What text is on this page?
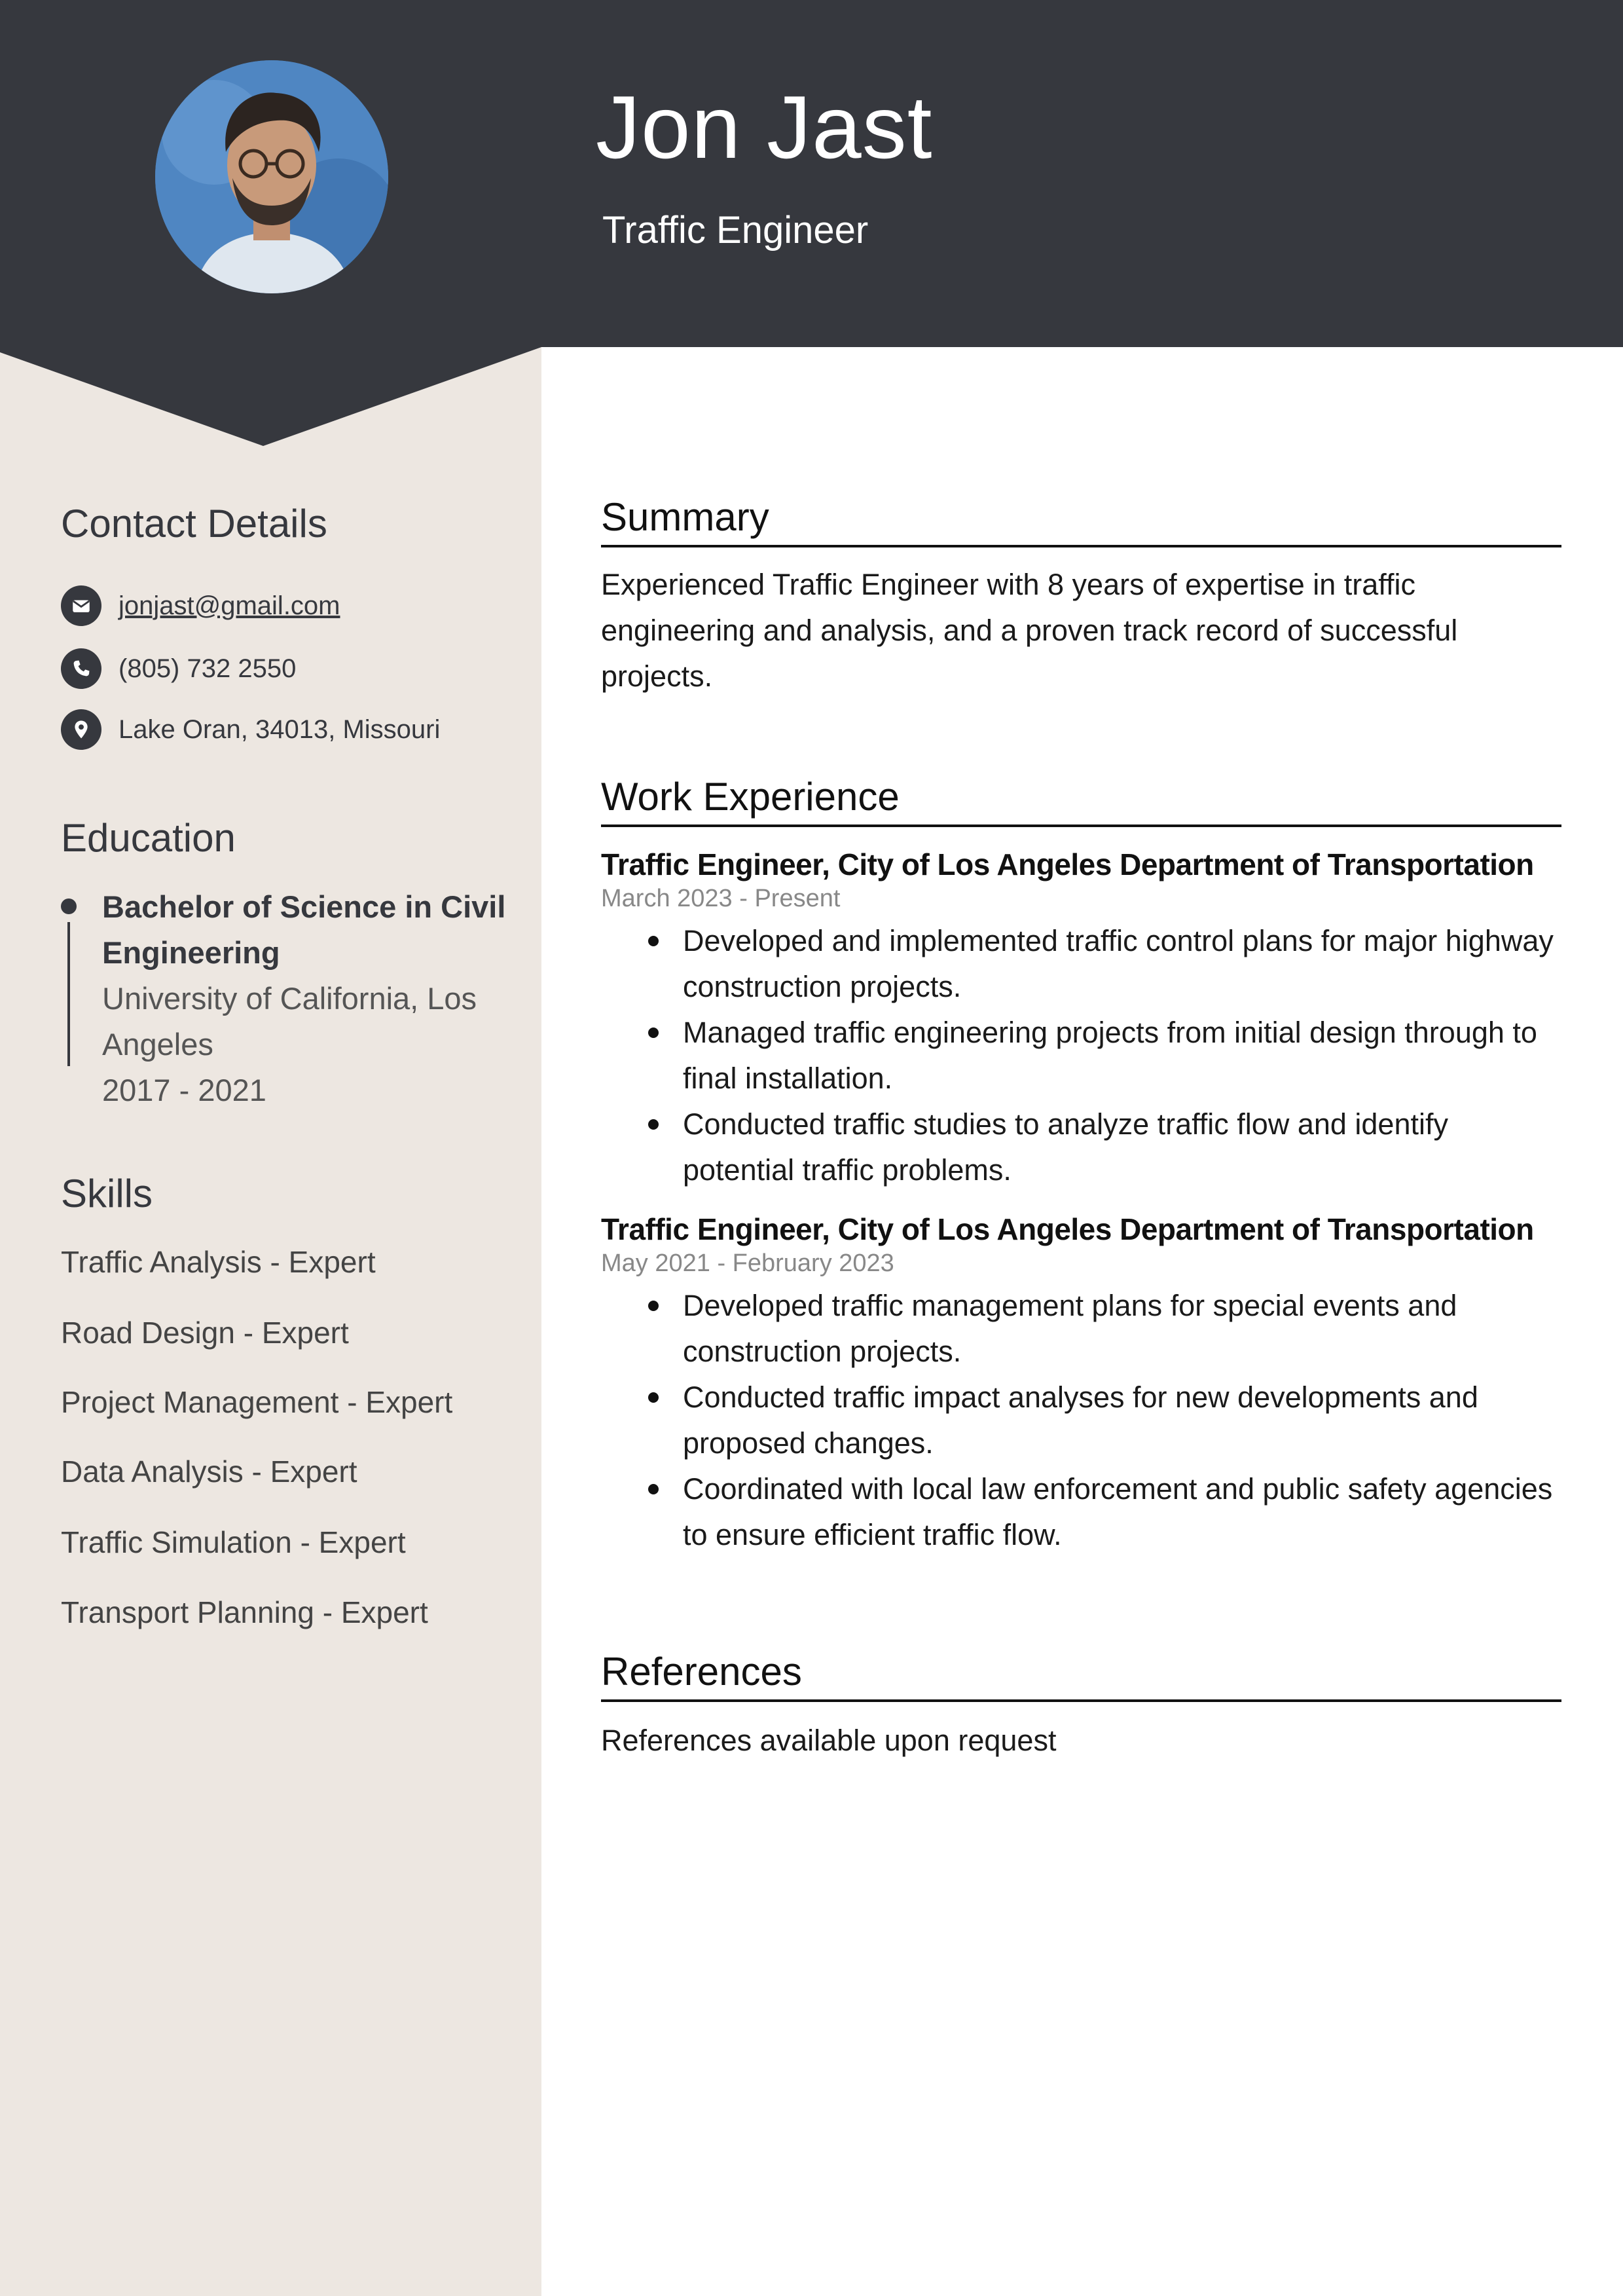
Jon Jast
Traffic Engineer
Contact Details
jonjast@gmail.com
(805) 732 2550
Lake Oran, 34013, Missouri
Education
Bachelor of Science in Civil Engineering
University of California, Los Angeles
2017 - 2021
Skills
Traffic Analysis - Expert
Road Design - Expert
Project Management - Expert
Data Analysis - Expert
Traffic Simulation - Expert
Transport Planning - Expert
Summary
Experienced Traffic Engineer with 8 years of expertise in traffic engineering and analysis, and a proven track record of successful projects.
Work Experience
Traffic Engineer, City of Los Angeles Department of Transportation
March 2023 - Present
Developed and implemented traffic control plans for major highway construction projects.
Managed traffic engineering projects from initial design through to final installation.
Conducted traffic studies to analyze traffic flow and identify potential traffic problems.
Traffic Engineer, City of Los Angeles Department of Transportation
May 2021 - February 2023
Developed traffic management plans for special events and construction projects.
Conducted traffic impact analyses for new developments and proposed changes.
Coordinated with local law enforcement and public safety agencies to ensure efficient traffic flow.
References
References available upon request
